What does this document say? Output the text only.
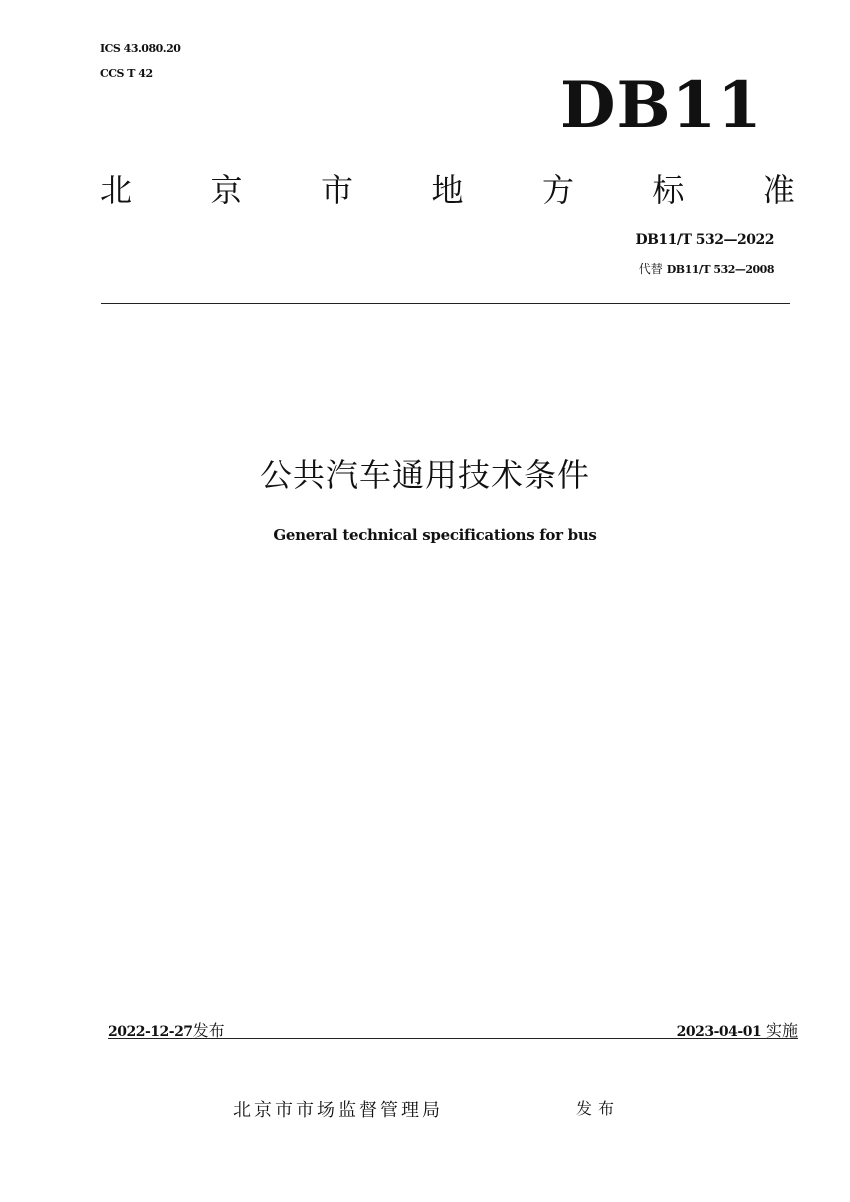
ICS 43.080.20
CCS T 42	DB11
北 京 市 地 方 标 准
DB11/T 532—2022
代替 DB11/T 532—2008
公共汽车通用技术条件
General technical specifications for bus
2022-12-27发布	2023-04-01 实施
北京市市场监督管理局	发布
